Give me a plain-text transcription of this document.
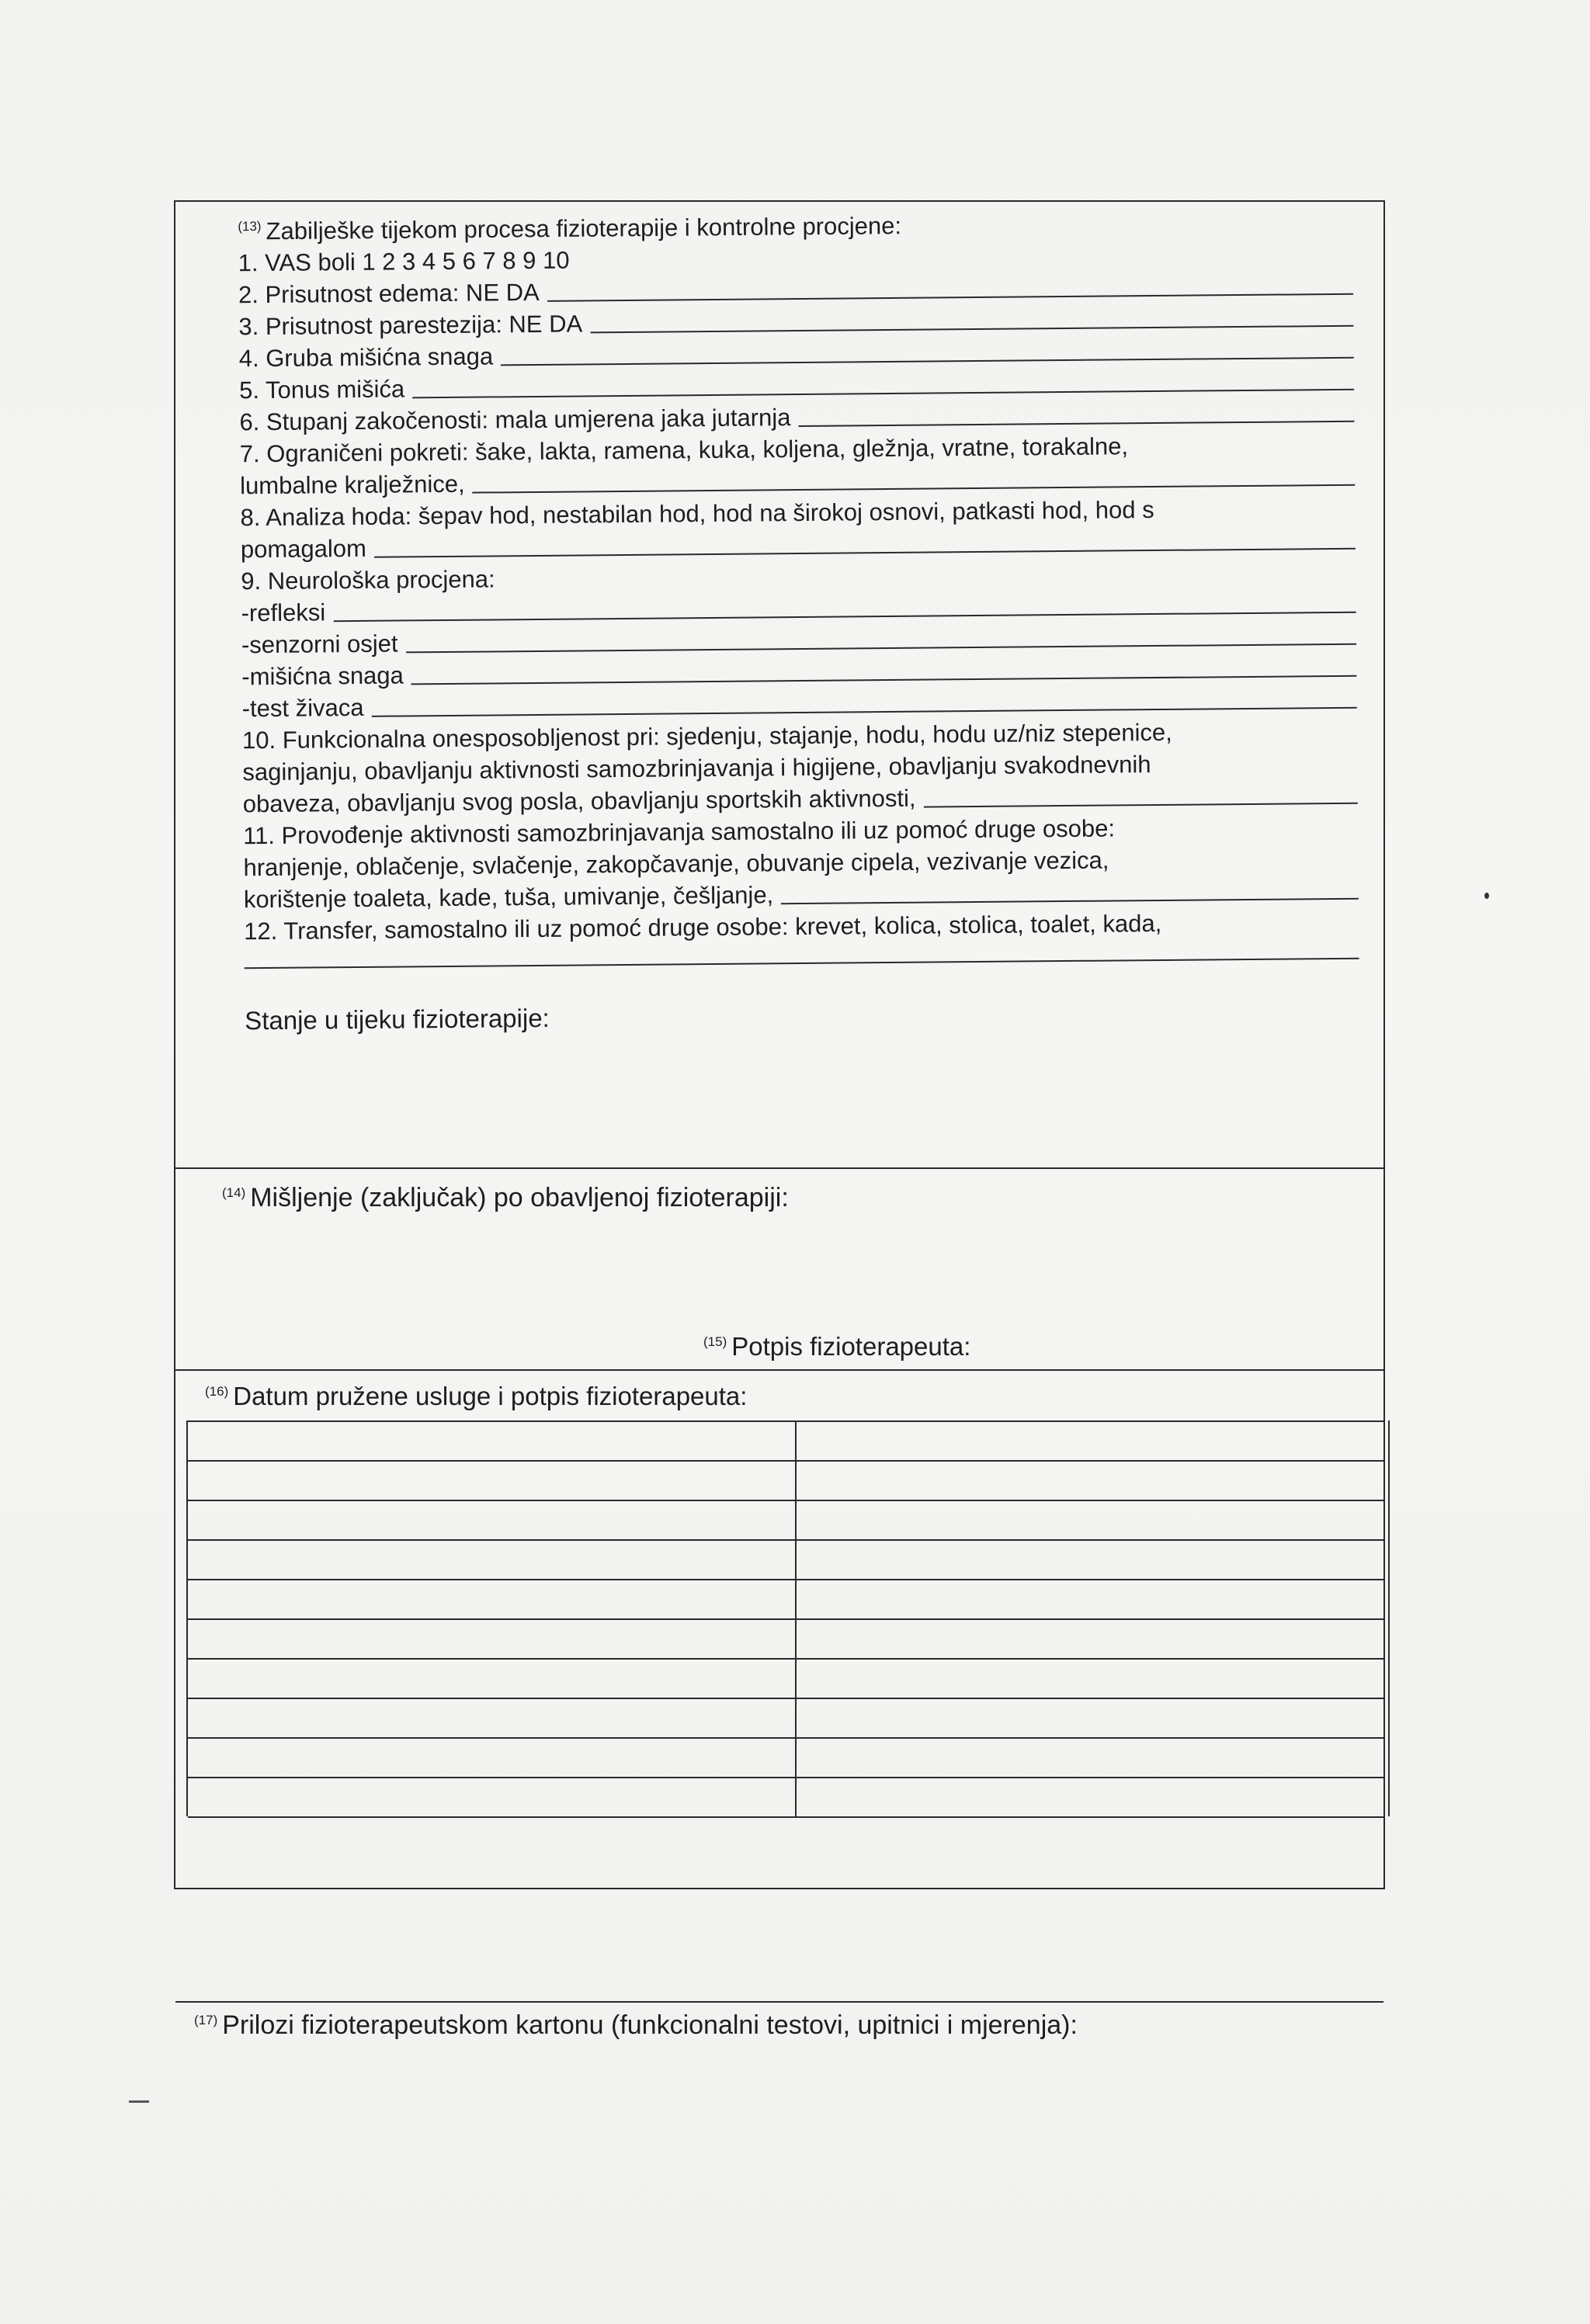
$^{(13)}$ Zabilješke tijekom procesa fizioterapije i kontrolne procjene:
1. VAS boli 1 2 3 4 5 6 7 8 9 10
2. Prisutnost edema: NE DA
3. Prisutnost parestezija: NE DA
4. Gruba mišićna snaga
5. Tonus mišića
6. Stupanj zakočenosti: mala umjerena jaka jutarnja
7. Ograničeni pokreti: šake, lakta, ramena, kuka, koljena, gležnja, vratne, torakalne,
lumbalne kralježnice,
8. Analiza hoda: šepav hod, nestabilan hod, hod na širokoj osnovi, patkasti hod, hod s
pomagalom
9. Neurološka procjena:
-refleksi
-senzorni osjet
-mišićna snaga
-test živaca
10. Funkcionalna onesposobljenost pri: sjedenju, stajanje, hodu, hodu uz/niz stepenice,
saginjanju, obavljanju aktivnosti samozbrinjavanja i higijene, obavljanju svakodnevnih
obaveza, obavljanju svog posla, obavljanju sportskih aktivnosti,
11. Provođenje aktivnosti samozbrinjavanja samostalno ili uz pomoć druge osobe:
hranjenje, oblačenje, svlačenje, zakopčavanje, obuvanje cipela, vezivanje vezica,
korištenje toaleta, kade, tuša, umivanje, češljanje,
12. Transfer, samostalno ili uz pomoć druge osobe: krevet, kolica, stolica, toalet, kada,
Stanje u tijeku fizioterapije:
$^{(14)}$ Mišljenje (zaključak) po obavljenoj fizioterapiji:
$^{(15)}$ Potpis fizioterapeuta:
$^{(16)}$ Datum pružene usluge i potpis fizioterapeuta:
$^{(17)}$ Prilozi fizioterapeutskom kartonu (funkcionalni testovi, upitnici i mjerenja):
